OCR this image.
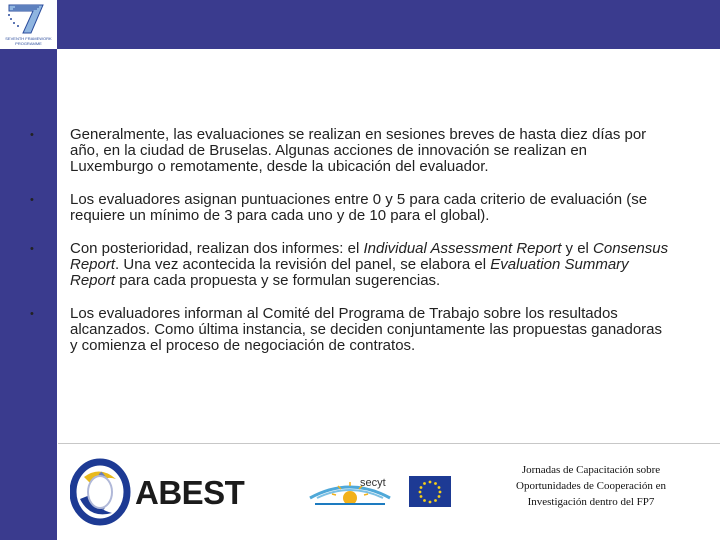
SEVENTH FRAMEWORK
PROGRAMME
•	Generalmente, las evaluaciones se realizan en sesiones breves de hasta diez días por año, en la ciudad de Bruselas. Algunas acciones de innovación se realizan en Luxemburgo o remotamente, desde la ubicación del evaluador.
•	Los evaluadores asignan puntuaciones entre 0 y 5 para cada criterio de evaluación (se requiere un mínimo de 3 para cada uno y de 10 para el global).
•	Con posterioridad, realizan dos informes: el Individual Assessment Report y el Consensus Report. Una vez acontecida la revisión del panel, se elabora el Evaluation Summary Report para cada propuesta y se formulan sugerencias.
•	Los evaluadores informan al Comité del Programa de Trabajo sobre los resultados alcanzados. Como última instancia, se deciden conjuntamente las propuestas ganadoras y comienza el proceso de negociación de contratos.
ABEST	secyt
Jornadas de Capacitación sobre
Oportunidades de Cooperación en
Investigación dentro del FP7
